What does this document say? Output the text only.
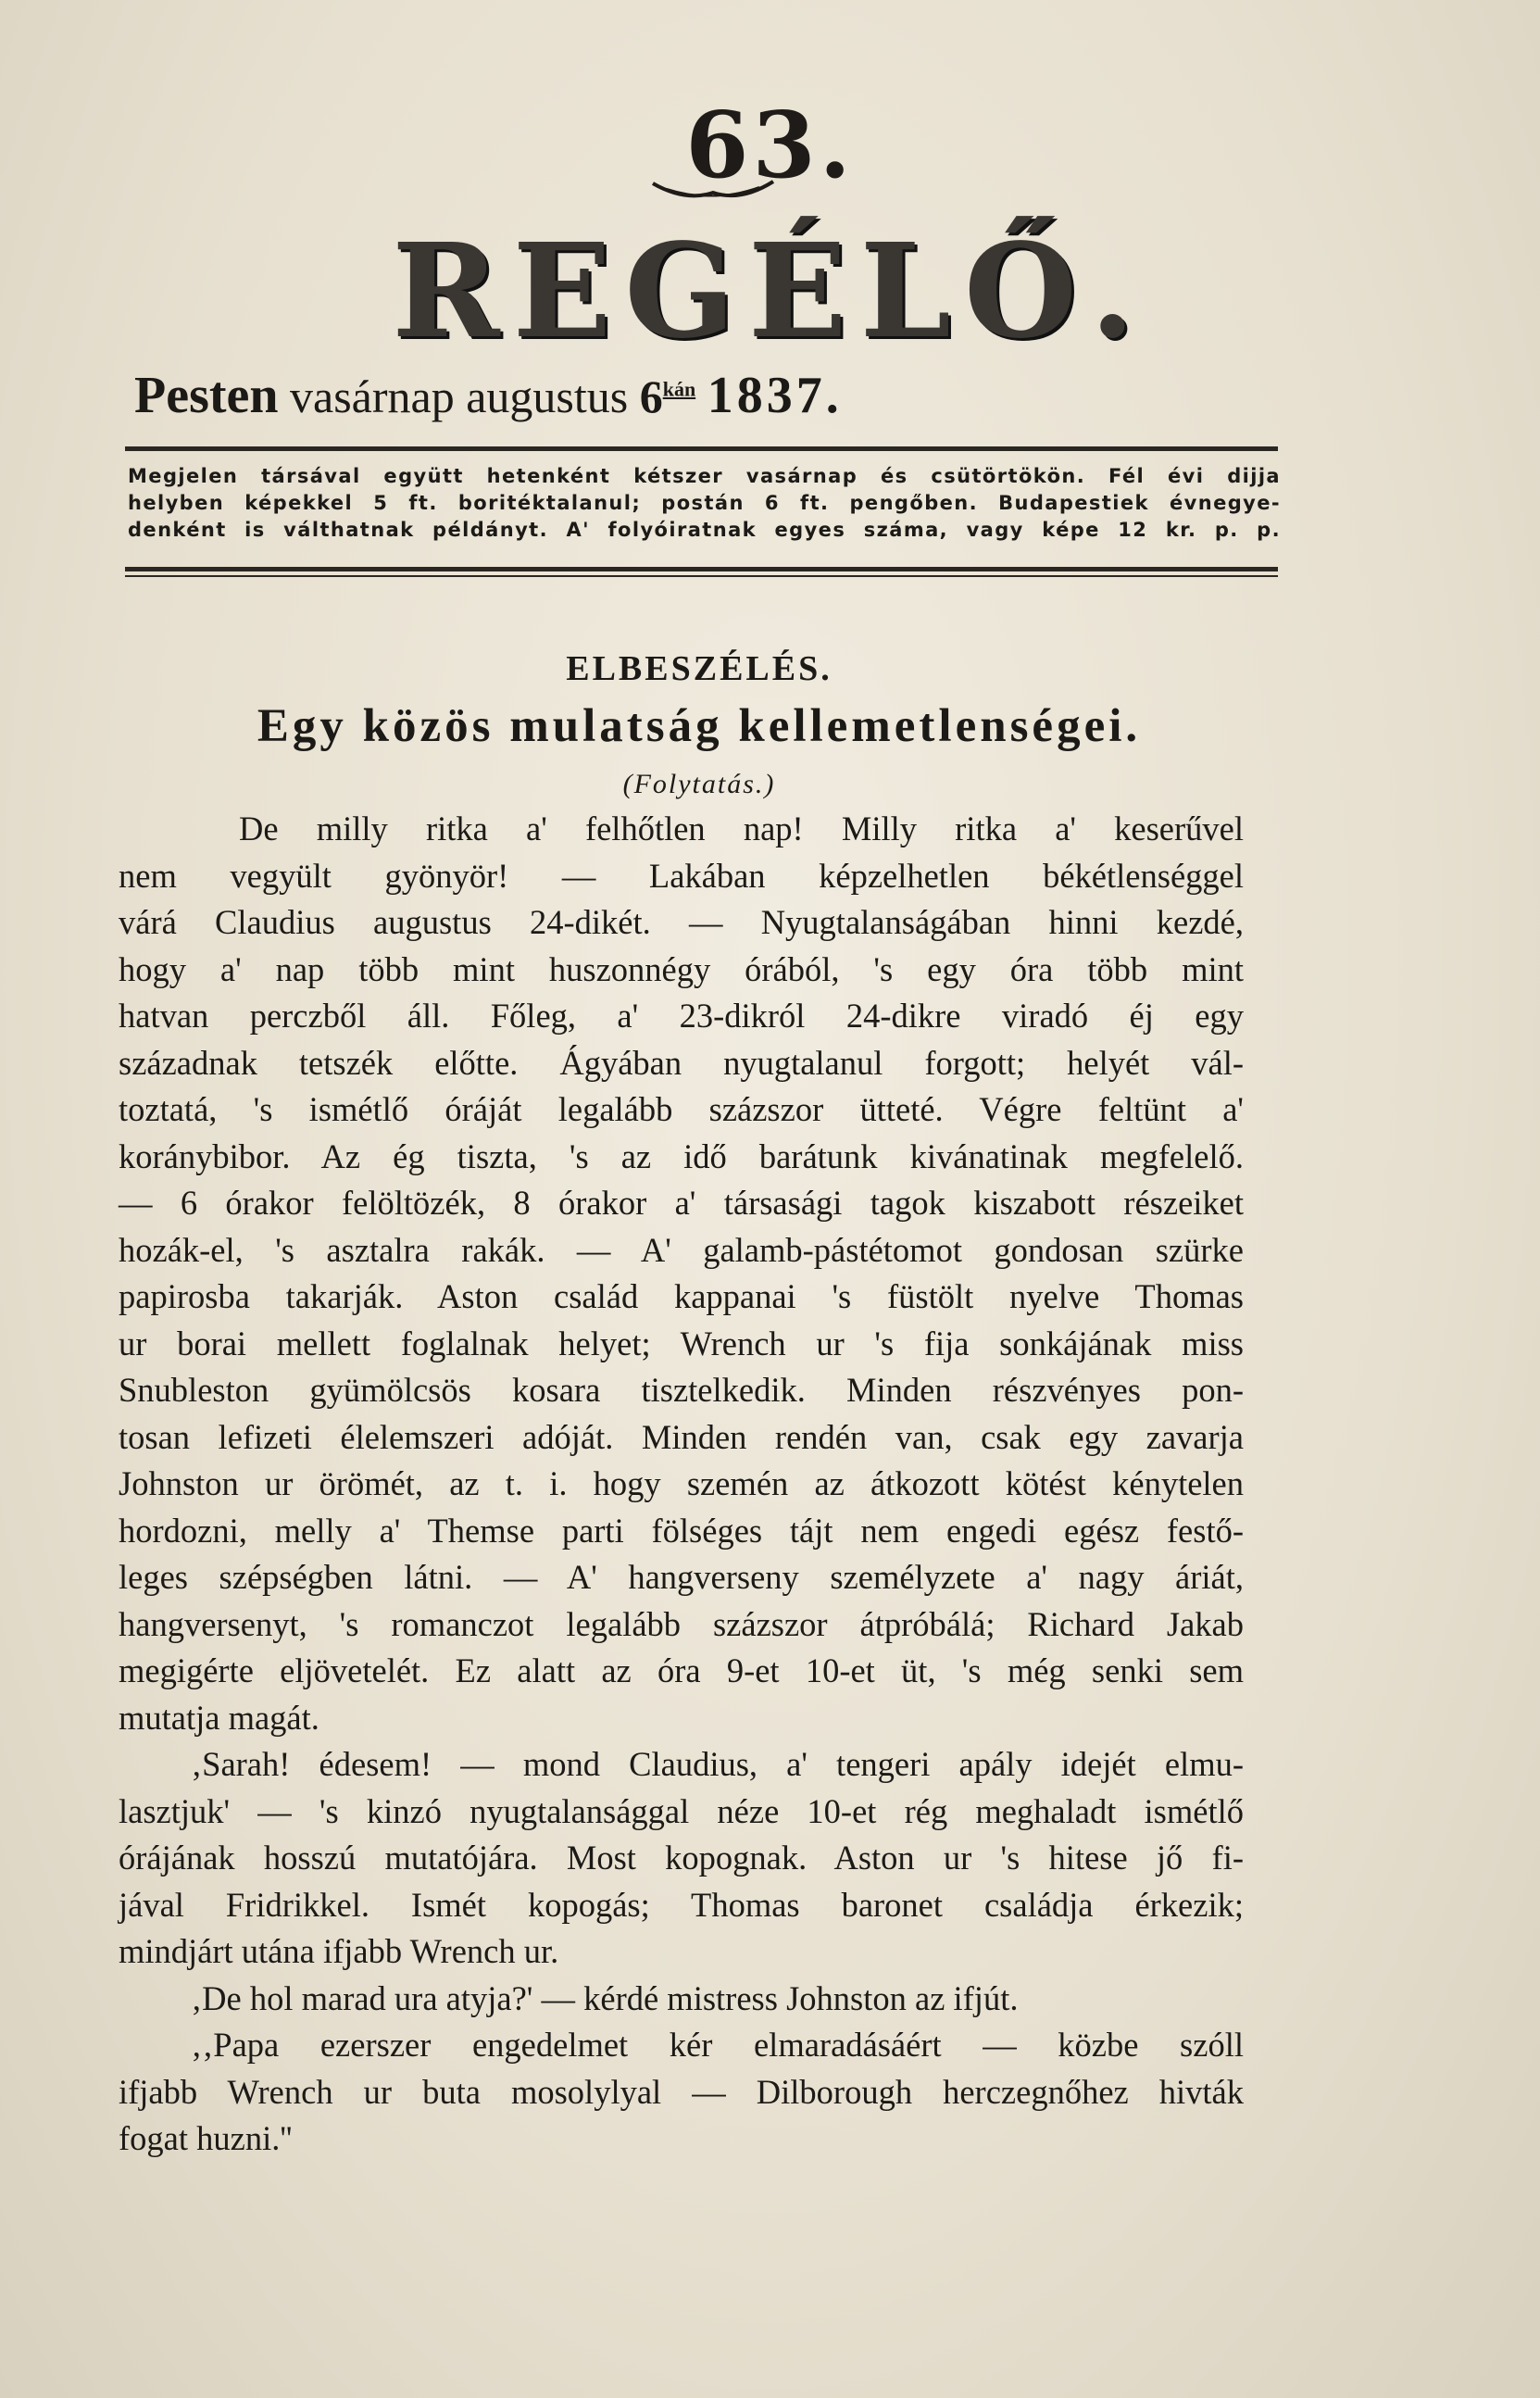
63.
REGÉLŐ.
Pesten vasárnap augustus $6^{kán}$ 1837.
Megjelen társával együtt hetenként kétszer vasárnap és csütörtökön. Fél évi dijja
helyben képekkel 5 ft. boritéktalanul; postán 6 ft. pengőben. Budapestiek évnegye-
denként is válthatnak példányt. A' folyóiratnak egyes száma, vagy képe 12 kr. p. p.
ELBESZÉLÉS.
Egy közös mulatság kellemetlenségei.
(Folytatás.)
De milly ritka a' felhőtlen nap! Milly ritka a' keserűvel
nem vegyült gyönyör! — Lakában képzelhetlen békétlenséggel
várá Claudius augustus 24-dikét. — Nyugtalanságában hinni kezdé,
hogy a' nap több mint huszonnégy órából, 's egy óra több mint
hatvan perczből áll. Főleg, a' 23-dikról 24-dikre viradó éj egy
századnak tetszék előtte. Ágyában nyugtalanul forgott; helyét vál-
toztatá, 's ismétlő óráját legalább százszor ütteté. Végre feltünt a'
koránybibor. Az ég tiszta, 's az idő barátunk kivánatinak megfelelő.
— 6 órakor felöltözék, 8 órakor a' társasági tagok kiszabott részeiket
hozák-el, 's asztalra rakák. — A' galamb-pástétomot gondosan szürke
papirosba takarják. Aston család kappanai 's füstölt nyelve Thomas
ur borai mellett foglalnak helyet; Wrench ur 's fija sonkájának miss
Snubleston gyümölcsös kosara tisztelkedik. Minden részvényes pon-
tosan lefizeti élelemszeri adóját. Minden rendén van, csak egy zavarja
Johnston ur örömét, az t. i. hogy szemén az átkozott kötést kénytelen
hordozni, melly a' Themse parti fölséges tájt nem engedi egész festő-
leges szépségben látni. — A' hangverseny személyzete a' nagy áriát,
hangversenyt, 's romanczot legalább százszor átpróbálá; Richard Jakab
megigérte eljövetelét. Ez alatt az óra 9-et 10-et üt, 's még senki sem
mutatja magát.
‚Sarah! édesem! — mond Claudius, a' tengeri apály idejét elmu-
lasztjuk' — 's kinzó nyugtalansággal néze 10-et rég meghaladt ismétlő
órájának hosszú mutatójára. Most kopognak. Aston ur 's hitese jő fi-
jával Fridrikkel. Ismét kopogás; Thomas baronet családja érkezik;
mindjárt utána ifjabb Wrench ur.
‚De hol marad ura atyja?' — kérdé mistress Johnston az ifjút.
‚‚Papa ezerszer engedelmet kér elmaradásáért — közbe szóll
ifjabb Wrench ur buta mosolylyal — Dilborough herczegnőhez hivták
fogat huzni.''
